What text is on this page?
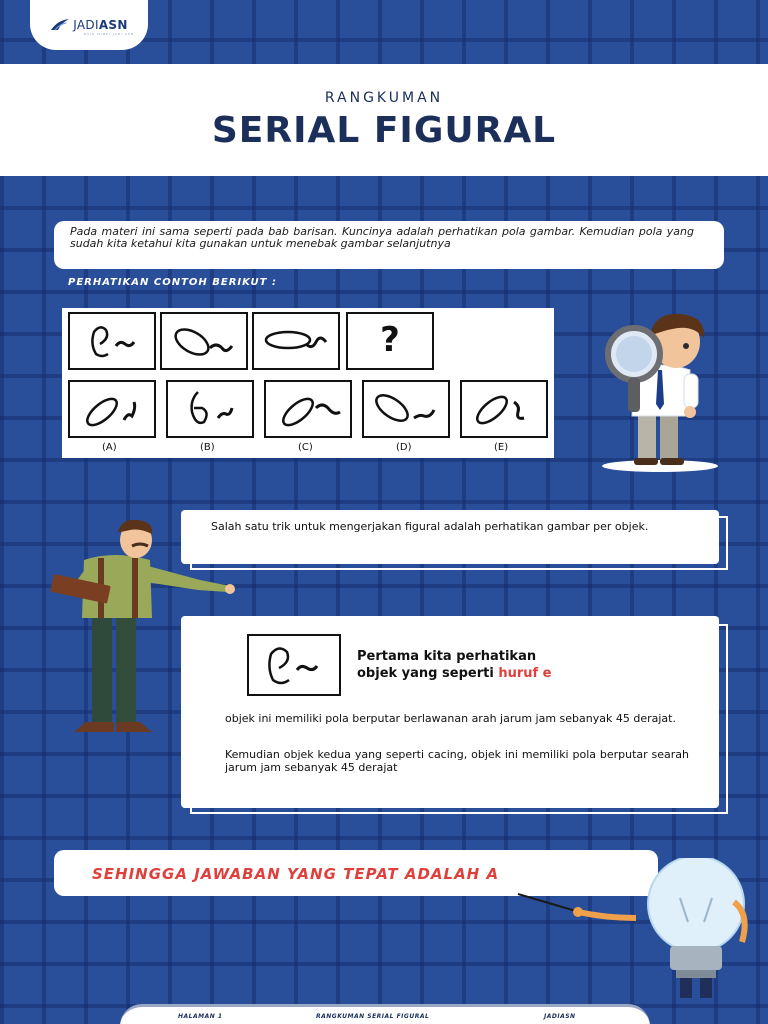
JADIASN
RAIH MIMPI JADI ASN
RANGKUMAN
SERIAL FIGURAL

Pada materi ini sama seperti pada bab barisan. Kuncinya adalah perhatikan pola gambar. Kemudian pola yang sudah kita ketahui kita gunakan untuk menebak gambar selanjutnya

PERHATIKAN CONTOH BERIKUT :
?
(A)	(B)	(C)	(D)	(E)

Salah satu trik untuk mengerjakan figural adalah perhatikan gambar per objek.

Pertama kita perhatikan
objek yang seperti huruf e

objek ini memiliki pola berputar berlawanan arah jarum jam sebanyak 45 derajat.

Kemudian objek kedua yang seperti cacing, objek ini memiliki pola berputar searah jarum jam sebanyak 45 derajat

SEHINGGA JAWABAN YANG TEPAT ADALAH A
HALAMAN 1	RANGKUMAN SERIAL FIGURAL	JADIASN
